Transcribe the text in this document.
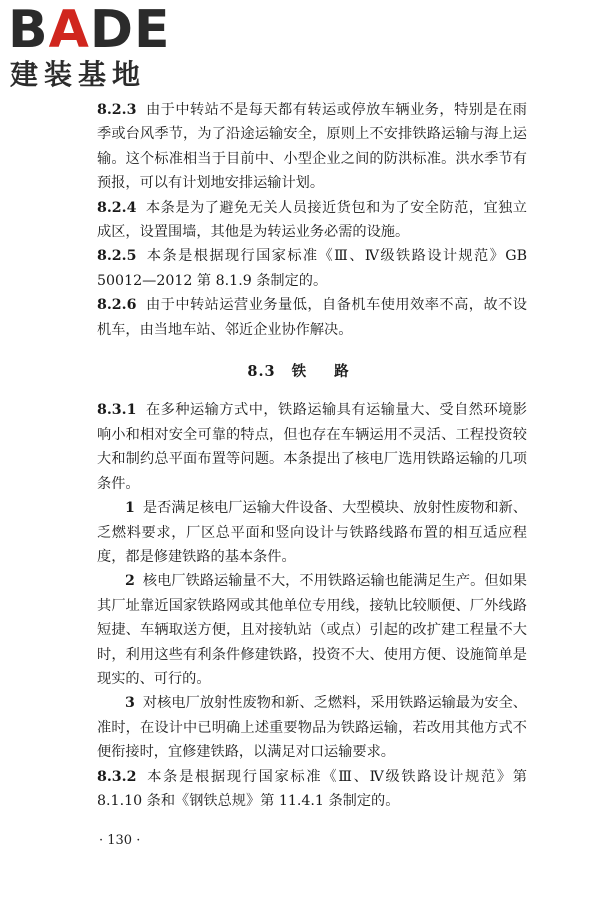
BADE
建装基地

8.2.3 由于中转站不是每天都有转运或停放车辆业务，特别是在雨季或台风季节，为了沿途运输安全，原则上不安排铁路运输与海上运输。这个标准相当于目前中、小型企业之间的防洪标准。洪水季节有预报，可以有计划地安排运输计划。

8.2.4 本条是为了避免无关人员接近货包和为了安全防范，宜独立成区，设置围墙，其他是为转运业务必需的设施。

8.2.5 本条是根据现行国家标准《Ⅲ、Ⅳ级铁路设计规范》GB 50012—2012 第 8.1.9 条制定的。

8.2.6 由于中转站运营业务量低，自备机车使用效率不高，故不设机车，由当地车站、邻近企业协作解决。

8.3 铁路

8.3.1 在多种运输方式中，铁路运输具有运输量大、受自然环境影响小和相对安全可靠的特点，但也存在车辆运用不灵活、工程投资较大和制约总平面布置等问题。本条提出了核电厂选用铁路运输的几项条件。

1 是否满足核电厂运输大件设备、大型模块、放射性废物和新、乏燃料要求，厂区总平面和竖向设计与铁路线路布置的相互适应程度，都是修建铁路的基本条件。

2 核电厂铁路运输量不大，不用铁路运输也能满足生产。但如果其厂址靠近国家铁路网或其他单位专用线，接轨比较顺便、厂外线路短捷、车辆取送方便，且对接轨站（或点）引起的改扩建工程量不大时，利用这些有利条件修建铁路，投资不大、使用方便、设施简单是现实的、可行的。

3 对核电厂放射性废物和新、乏燃料，采用铁路运输最为安全、准时，在设计中已明确上述重要物品为铁路运输，若改用其他方式不便衔接时，宜修建铁路，以满足对口运输要求。

8.3.2 本条是根据现行国家标准《Ⅲ、Ⅳ级铁路设计规范》第 8.1.10 条和《钢铁总规》第 11.4.1 条制定的。

· 130 ·
